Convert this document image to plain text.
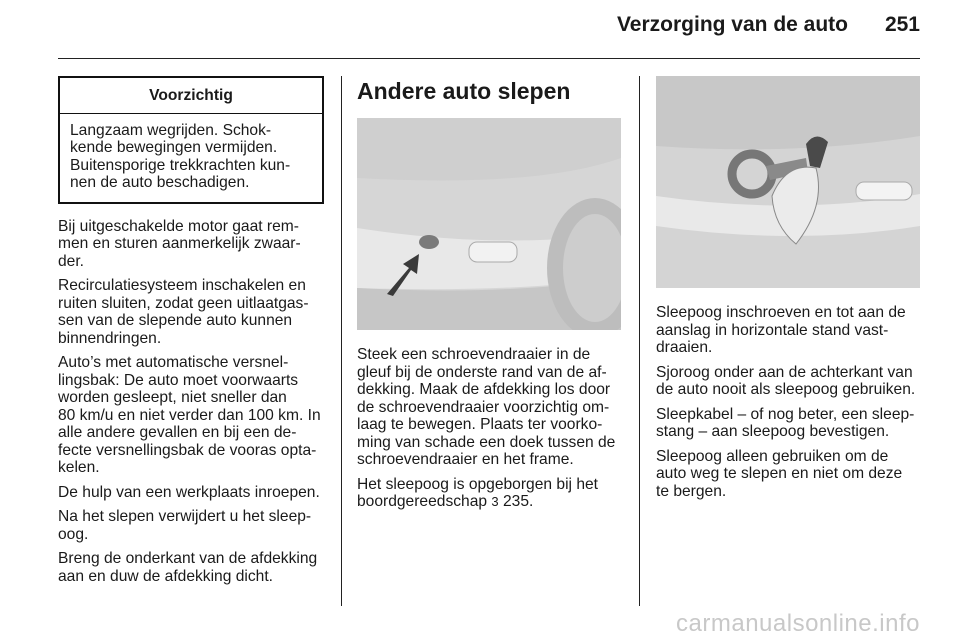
Verzorging van de auto 251
Voorzichtig
Langzaam wegrijden. Schok-
kende bewegingen vermijden.
Buitensporige trekkrachten kun-
nen de auto beschadigen.

Bij uitgeschakelde motor gaat rem-
men en sturen aanmerkelijk zwaar-
der.

Recirculatiesysteem inschakelen en
ruiten sluiten, zodat geen uitlaatgas-
sen van de slepende auto kunnen
binnendringen.

Auto’s met automatische versnel-
lingsbak: De auto moet voorwaarts
worden gesleept, niet sneller dan
80 km/u en niet verder dan 100 km. In
alle andere gevallen en bij een de-
fecte versnellingsbak de vooras opta-
kelen.

De hulp van een werkplaats inroepen.

Na het slepen verwijdert u het sleep-
oog.

Breng de onderkant van de afdekking
aan en duw de afdekking dicht.

Andere auto slepen

Steek een schroevendraaier in de
gleuf bij de onderste rand van de af-
dekking. Maak de afdekking los door
de schroevendraaier voorzichtig om-
laag te bewegen. Plaats ter voorko-
ming van schade een doek tussen de
schroevendraaier en het frame.

Het sleepoog is opgeborgen bij het
boordgereedschap 3 235.

Sleepoog inschroeven en tot aan de
aanslag in horizontale stand vast-
draaien.

Sjoroog onder aan de achterkant van
de auto nooit als sleepoog gebruiken.

Sleepkabel – of nog beter, een sleep-
stang – aan sleepoog bevestigen.

Sleepoog alleen gebruiken om de
auto weg te slepen en niet om deze
te bergen.

carmanualsonline.info
